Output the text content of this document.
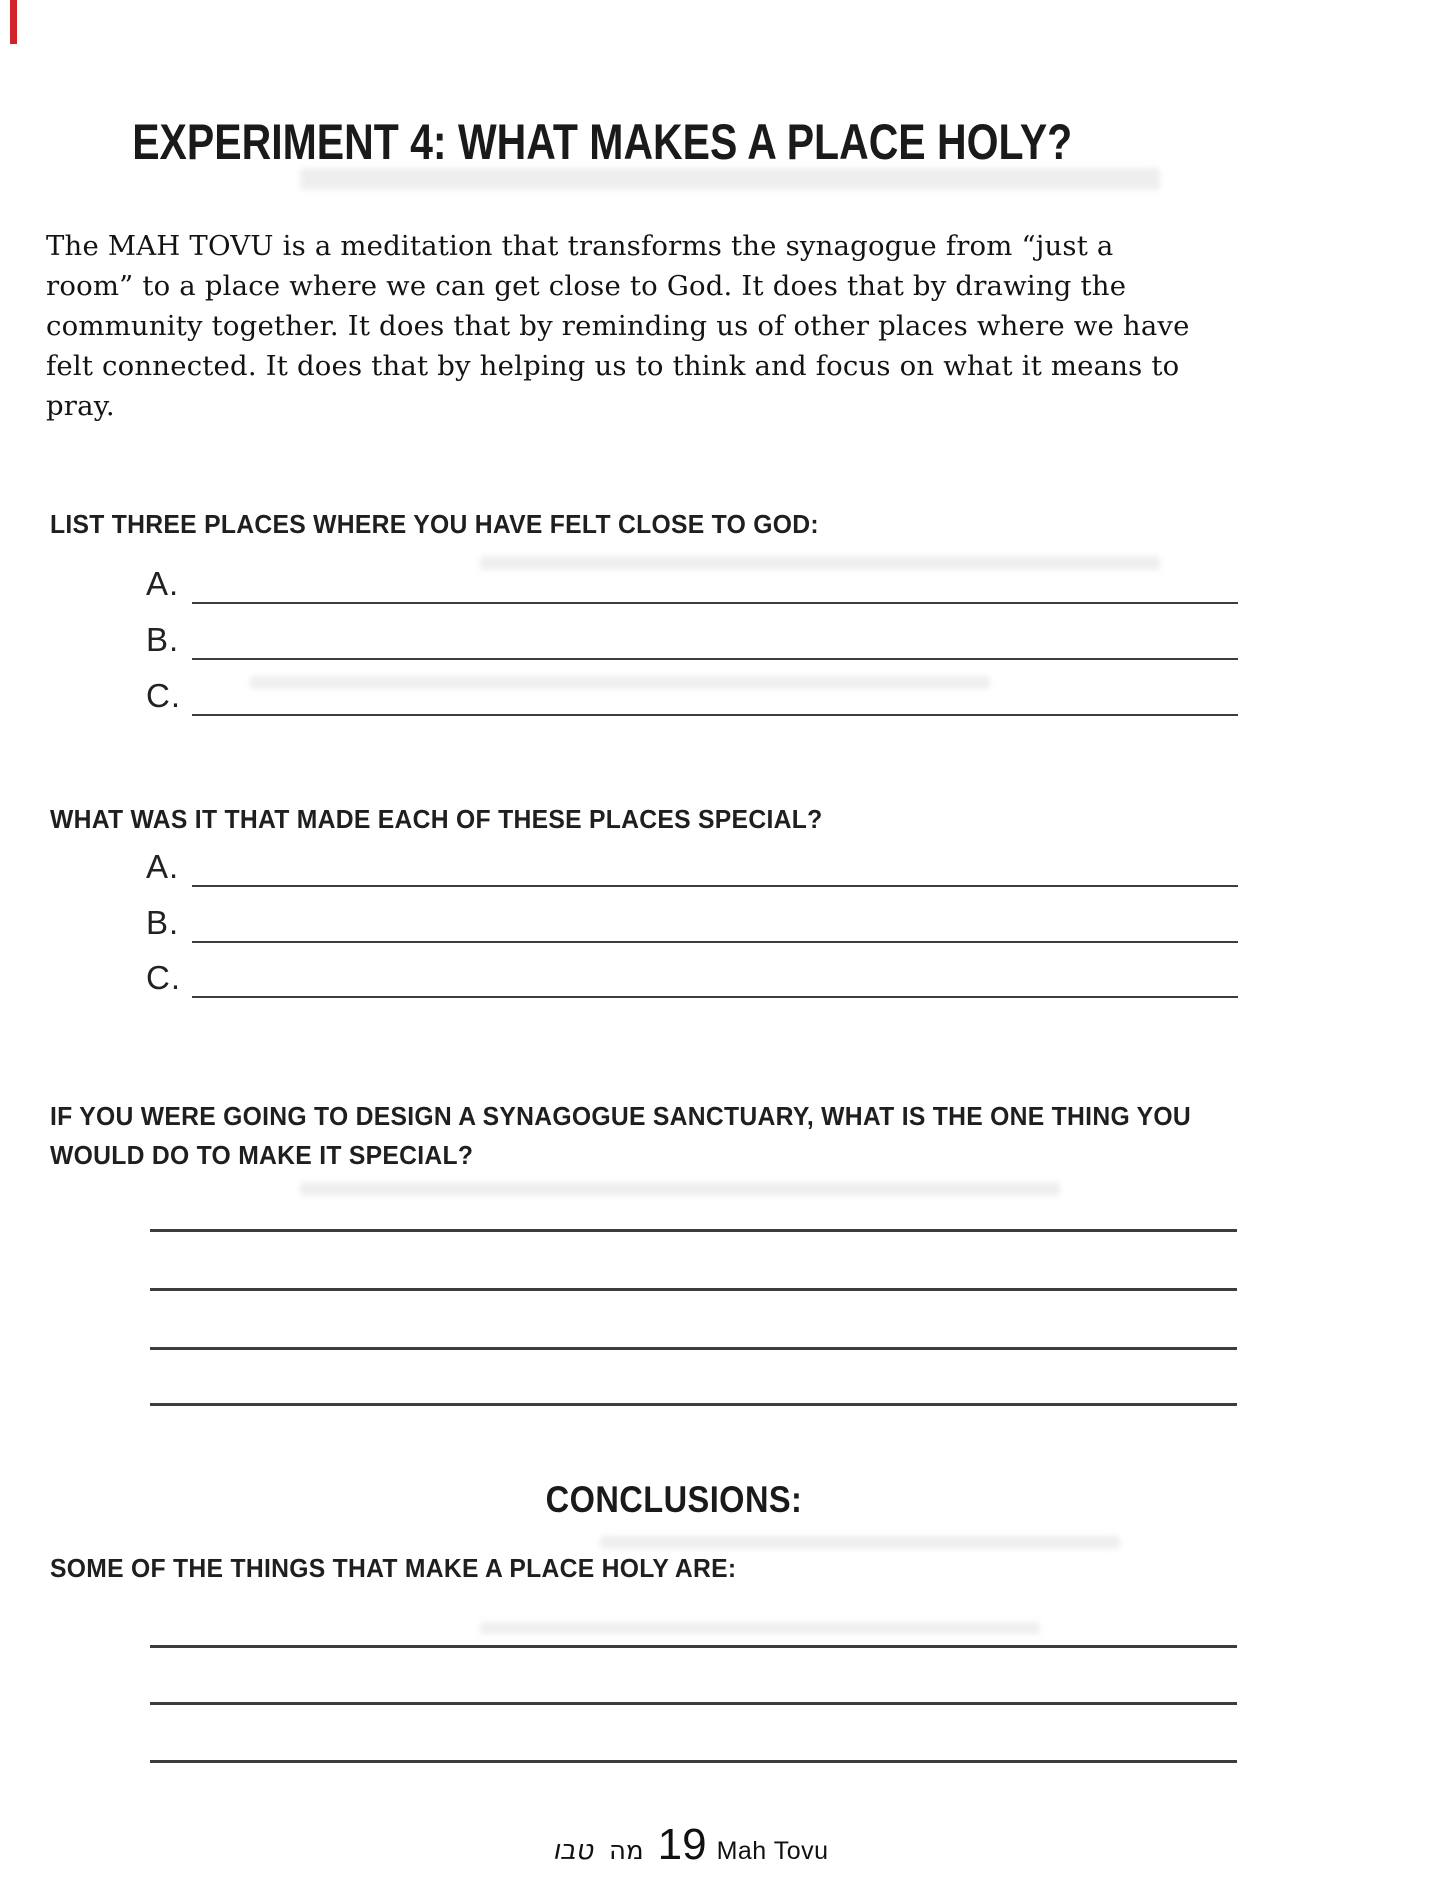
EXPERIMENT 4: WHAT MAKES A PLACE HOLY?
The MAH TOVU is a meditation that transforms the synagogue from “just a
room” to a place where we can get close to God. It does that by drawing the
community together. It does that by reminding us of other places where we have
felt connected. It does that by helping us to think and focus on what it means to
pray.
LIST THREE PLACES WHERE YOU HAVE FELT CLOSE TO GOD:
A.
B.
C.
WHAT WAS IT THAT MADE EACH OF THESE PLACES SPECIAL?
A.
B.
C.
IF YOU WERE GOING TO DESIGN A SYNAGOGUE SANCTUARY, WHAT IS THE ONE THING YOU
WOULD DO TO MAKE IT SPECIAL?
CONCLUSIONS:
SOME OF THE THINGS THAT MAKE A PLACE HOLY ARE:
טבו מה 19 Mah Tovu
